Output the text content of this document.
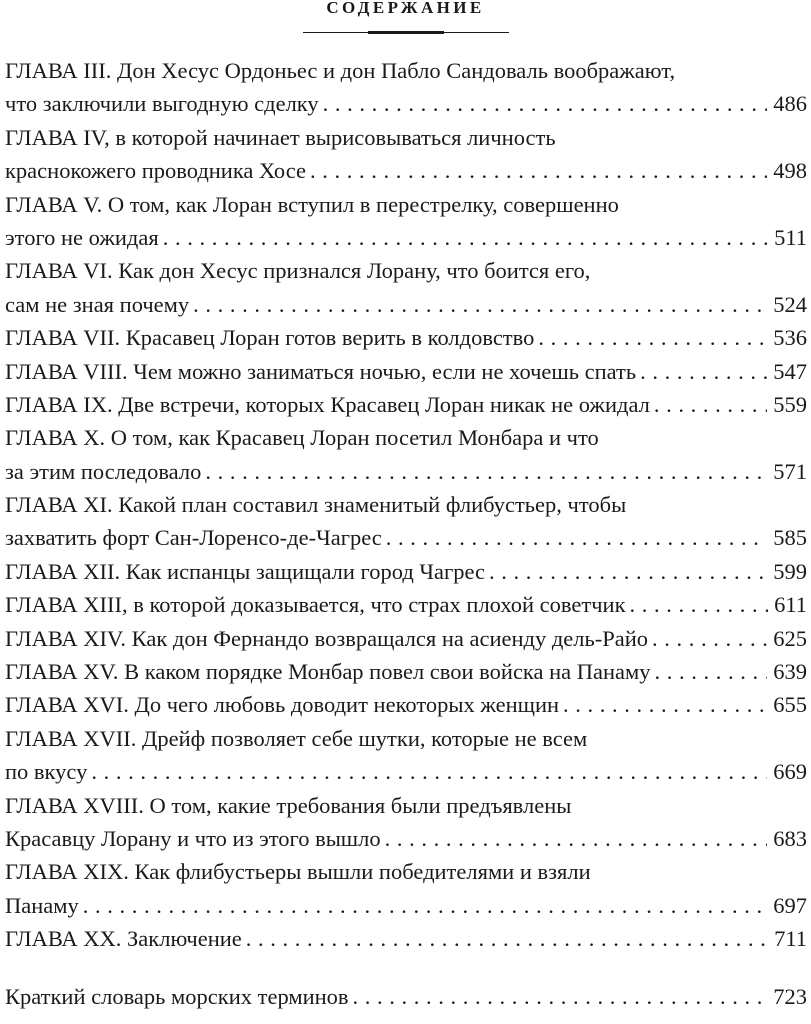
СОДЕРЖАНИЕ
ГЛАВА III. Дон Хесус Ордоньес и дон Пабло Сандоваль воображают,
что заключили выгодную сделку . . .	486
ГЛАВА IV, в которой начинает вырисовываться личность
краснокожего проводника Хосе . . .	498
ГЛАВА V. О том, как Лоран вступил в перестрелку, совершенно
этого не ожидая . . .	511
ГЛАВА VI. Как дон Хесус признался Лорану, что боится его,
сам не зная почему . . .	524
ГЛАВА VII. Красавец Лоран готов верить в колдовство . . .	536
ГЛАВА VIII. Чем можно заниматься ночью, если не хочешь спать . . .	547
ГЛАВА IX. Две встречи, которых Красавец Лоран никак не ожидал . . .	559
ГЛАВА X. О том, как Красавец Лоран посетил Монбара и что
за этим последовало . . .	571
ГЛАВА XI. Какой план составил знаменитый флибустьер, чтобы
захватить форт Сан-Лоренсо-де-Чагрес . . .	585
ГЛАВА XII. Как испанцы защищали город Чагрес . . .	599
ГЛАВА XIII, в которой доказывается, что страх плохой советчик . . .	611
ГЛАВА XIV. Как дон Фернандо возвращался на асиенду дель-Райо . . .	625
ГЛАВА XV. В каком порядке Монбар повел свои войска на Панаму . . .	639
ГЛАВА XVI. До чего любовь доводит некоторых женщин . . .	655
ГЛАВА XVII. Дрейф позволяет себе шутки, которые не всем
по вкусу . . .	669
ГЛАВА XVIII. О том, какие требования были предъявлены
Красавцу Лорану и что из этого вышло . . .	683
ГЛАВА XIX. Как флибустьеры вышли победителями и взяли
Панаму . . .	697
ГЛАВА XX. Заключение . . .	711
Краткий словарь морских терминов . . .	723
